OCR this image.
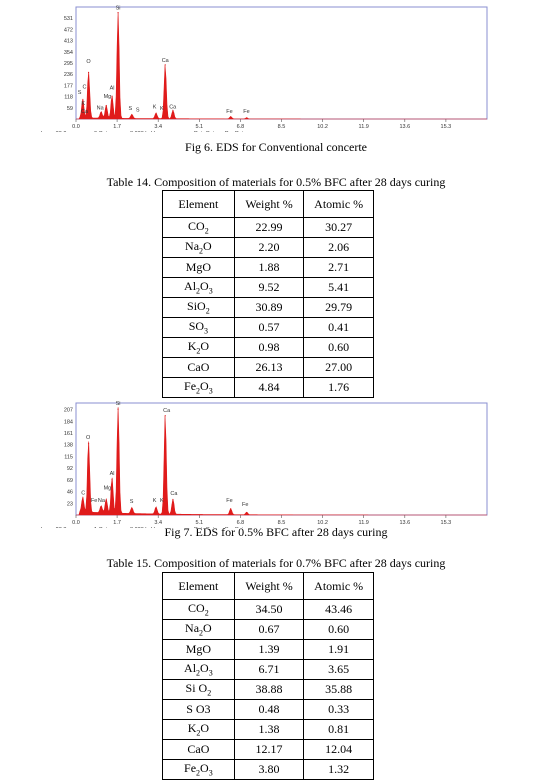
59
118
177
236
295
354
413
472
531
0.0	1.7	3.4	5.1	6.8	8.5	10.2	11.9	13.6	15.3
Si
O	Ca
C
S
Al
Mg
K
Na
Ca
S S K K Ca
Fe Fe
Fig 6. EDS for Conventional concerte
Table 14. Composition of materials for 0.5% BFC after 28 days curing
Element	Weight %	Atomic %
$CO_2$	22.99	30.27
$Na_2O$	2.20	2.06
MgO	1.88	2.71
$Al_2O_3$	9.52	5.41
SiO$_2$	30.89	29.79
$SO_3$	0.57	0.41
$K_2O$	0.98	0.60
CaO	26.13	27.00
$Fe_2O_3$	4.84	1.76
23
46
69
92
115
138
161
184
207
0.0	1.7	3.4	5.1	6.8	8.5	10.2	11.9	13.6	15.3
Si
Ca
O
Al
Mg
C
Fe Na	S	K K
Ca
Fe
Fe
Fig 7. EDS for 0.5% BFC after 28 days curing
Table 15. Composition of materials for 0.7% BFC after 28 days curing
Element	Weight %	Atomic %
$CO_2$	34.50	43.46
$Na_2O$	0.67	0.60
MgO	1.39	1.91
$Al_2O_3$	6.71	3.65
Si $O_2$	38.88	35.88
S O3	0.48	0.33
$K_2O$	1.38	0.81
CaO	12.17	12.04
$Fe_2O_3$	3.80	1.32
